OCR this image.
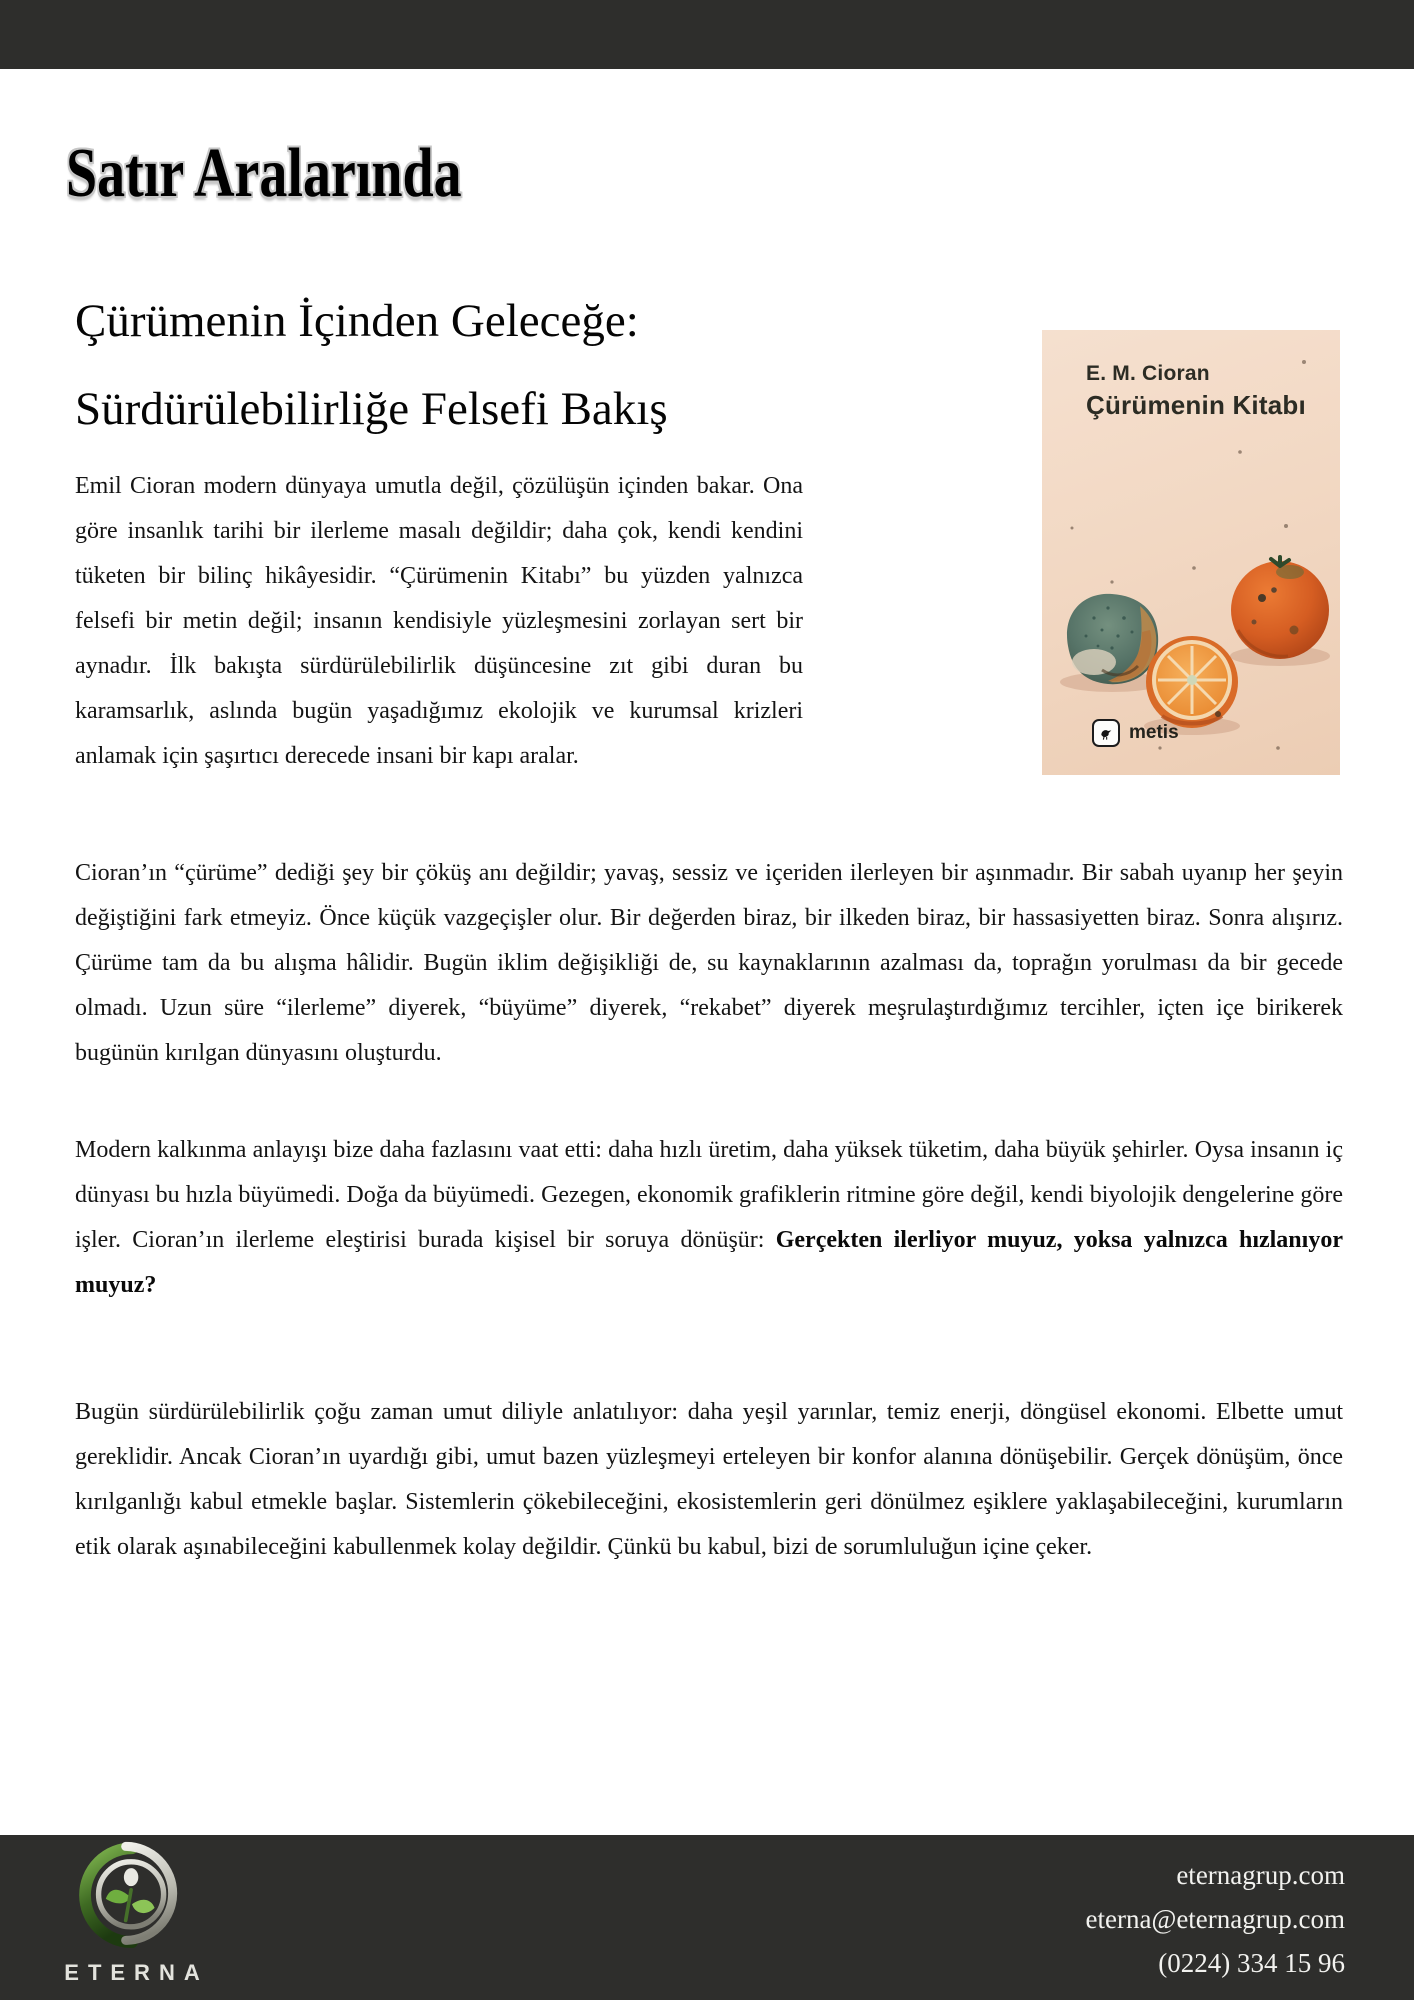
Satır Aralarında
Çürümenin İçinden Geleceğe:
Sürdürülebilirliğe Felsefi Bakış

Emil Cioran modern dünyaya umutla değil, çözülüşün içinden bakar. Ona göre insanlık tarihi bir ilerleme masalı değildir; daha çok, kendi kendini tüketen bir bilinç hikâyesidir. “Çürümenin Kitabı” bu yüzden yalnızca felsefi bir metin değil; insanın kendisiyle yüzleşmesini zorlayan sert bir aynadır. İlk bakışta sürdürülebilirlik düşüncesine zıt gibi duran bu karamsarlık, aslında bugün yaşadığımız ekolojik ve kurumsal krizleri anlamak için şaşırtıcı derecede insani bir kapı aralar.

Cioran’ın “çürüme” dediği şey bir çöküş anı değildir; yavaş, sessiz ve içeriden ilerleyen bir aşınmadır. Bir sabah uyanıp her şeyin değiştiğini fark etmeyiz. Önce küçük vazgeçişler olur. Bir değerden biraz, bir ilkeden biraz, bir hassasiyetten biraz. Sonra alışırız. Çürüme tam da bu alışma hâlidir. Bugün iklim değişikliği de, su kaynaklarının azalması da, toprağın yorulması da bir gecede olmadı. Uzun süre “ilerleme” diyerek, “büyüme” diyerek, “rekabet” diyerek meşrulaştırdığımız tercihler, içten içe birikerek bugünün kırılgan dünyasını oluşturdu.

Modern kalkınma anlayışı bize daha fazlasını vaat etti: daha hızlı üretim, daha yüksek tüketim, daha büyük şehirler. Oysa insanın iç dünyası bu hızla büyümedi. Doğa da büyümedi. Gezegen, ekonomik grafiklerin ritmine göre değil, kendi biyolojik dengelerine göre işler. Cioran’ın ilerleme eleştirisi burada kişisel bir soruya dönüşür: Gerçekten ilerliyor muyuz, yoksa yalnızca hızlanıyor muyuz?

Bugün sürdürülebilirlik çoğu zaman umut diliyle anlatılıyor: daha yeşil yarınlar, temiz enerji, döngüsel ekonomi. Elbette umut gereklidir. Ancak Cioran’ın uyardığı gibi, umut bazen yüzleşmeyi erteleyen bir konfor alanına dönüşebilir. Gerçek dönüşüm, önce kırılganlığı kabul etmekle başlar. Sistemlerin çökebileceğini, ekosistemlerin geri dönülmez eşiklere yaklaşabileceğini, kurumların etik olarak aşınabileceğini kabullenmek kolay değildir. Çünkü bu kabul, bizi de sorumluluğun içine çeker.

E. M. Cioran
Çürümenin Kitabı
metis
ETERNA
eternagrup.com
eterna@eternagrup.com
(0224) 334 15 96
